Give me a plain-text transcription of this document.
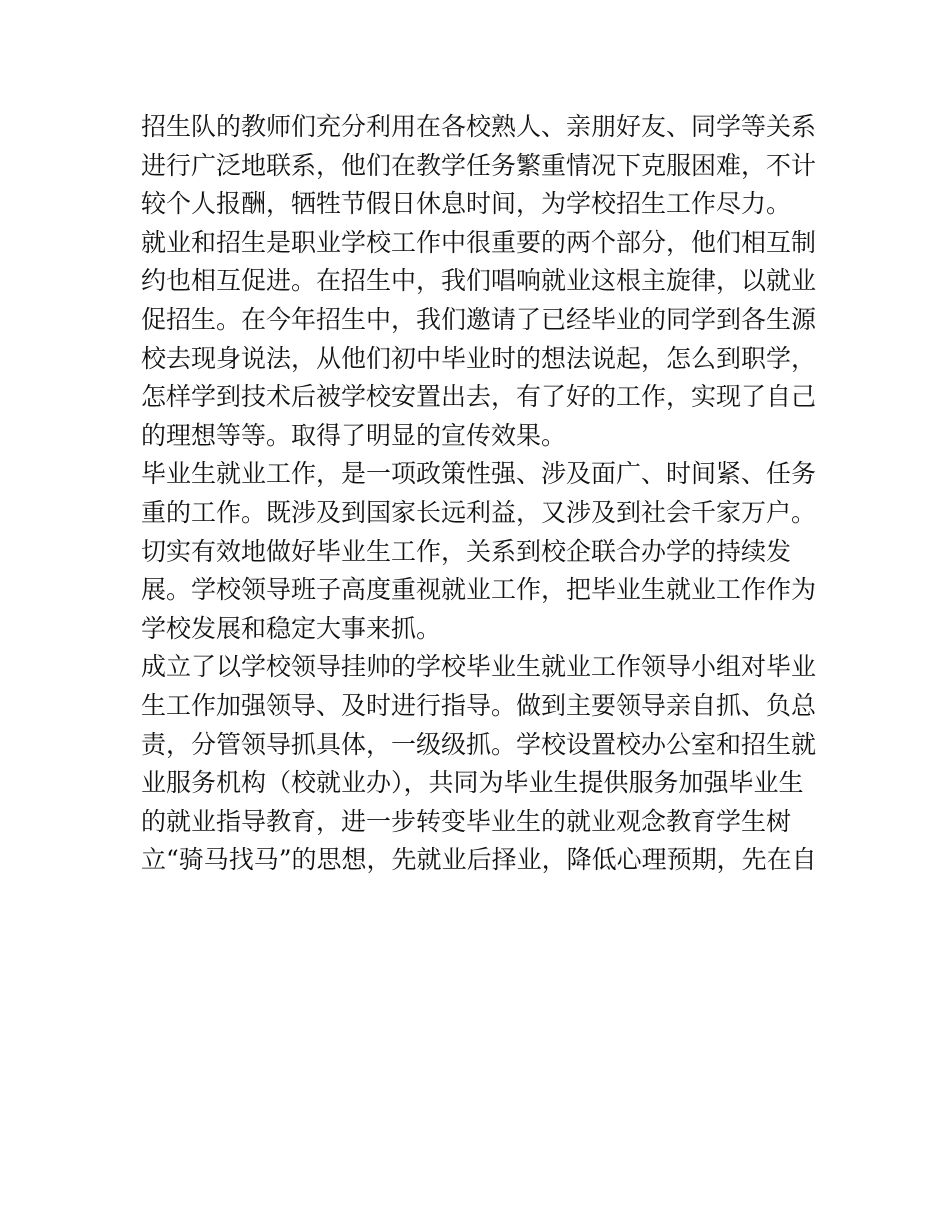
招生队的教师们充分利用在各校熟人、亲朋好友、同学等关系
进行广泛地联系，他们在教学任务繁重情况下克服困难，不计
较个人报酬，牺牲节假日休息时间，为学校招生工作尽力。
就业和招生是职业学校工作中很重要的两个部分，他们相互制
约也相互促进。在招生中，我们唱响就业这根主旋律，以就业
促招生。在今年招生中，我们邀请了已经毕业的同学到各生源
校去现身说法，从他们初中毕业时的想法说起，怎么到职学，
怎样学到技术后被学校安置出去，有了好的工作，实现了自己
的理想等等。取得了明显的宣传效果。
毕业生就业工作，是一项政策性强、涉及面广、时间紧、任务
重的工作。既涉及到国家长远利益，又涉及到社会千家万户。
切实有效地做好毕业生工作，关系到校企联合办学的持续发
展。学校领导班子高度重视就业工作，把毕业生就业工作作为
学校发展和稳定大事来抓。
成立了以学校领导挂帅的学校毕业生就业工作领导小组对毕业
生工作加强领导、及时进行指导。做到主要领导亲自抓、负总
责，分管领导抓具体，一级级抓。学校设置校办公室和招生就
业服务机构（校就业办），共同为毕业生提供服务加强毕业生
的就业指导教育，进一步转变毕业生的就业观念教育学生树
立“骑马找马”的思想，先就业后择业，降低心理预期，先在自
